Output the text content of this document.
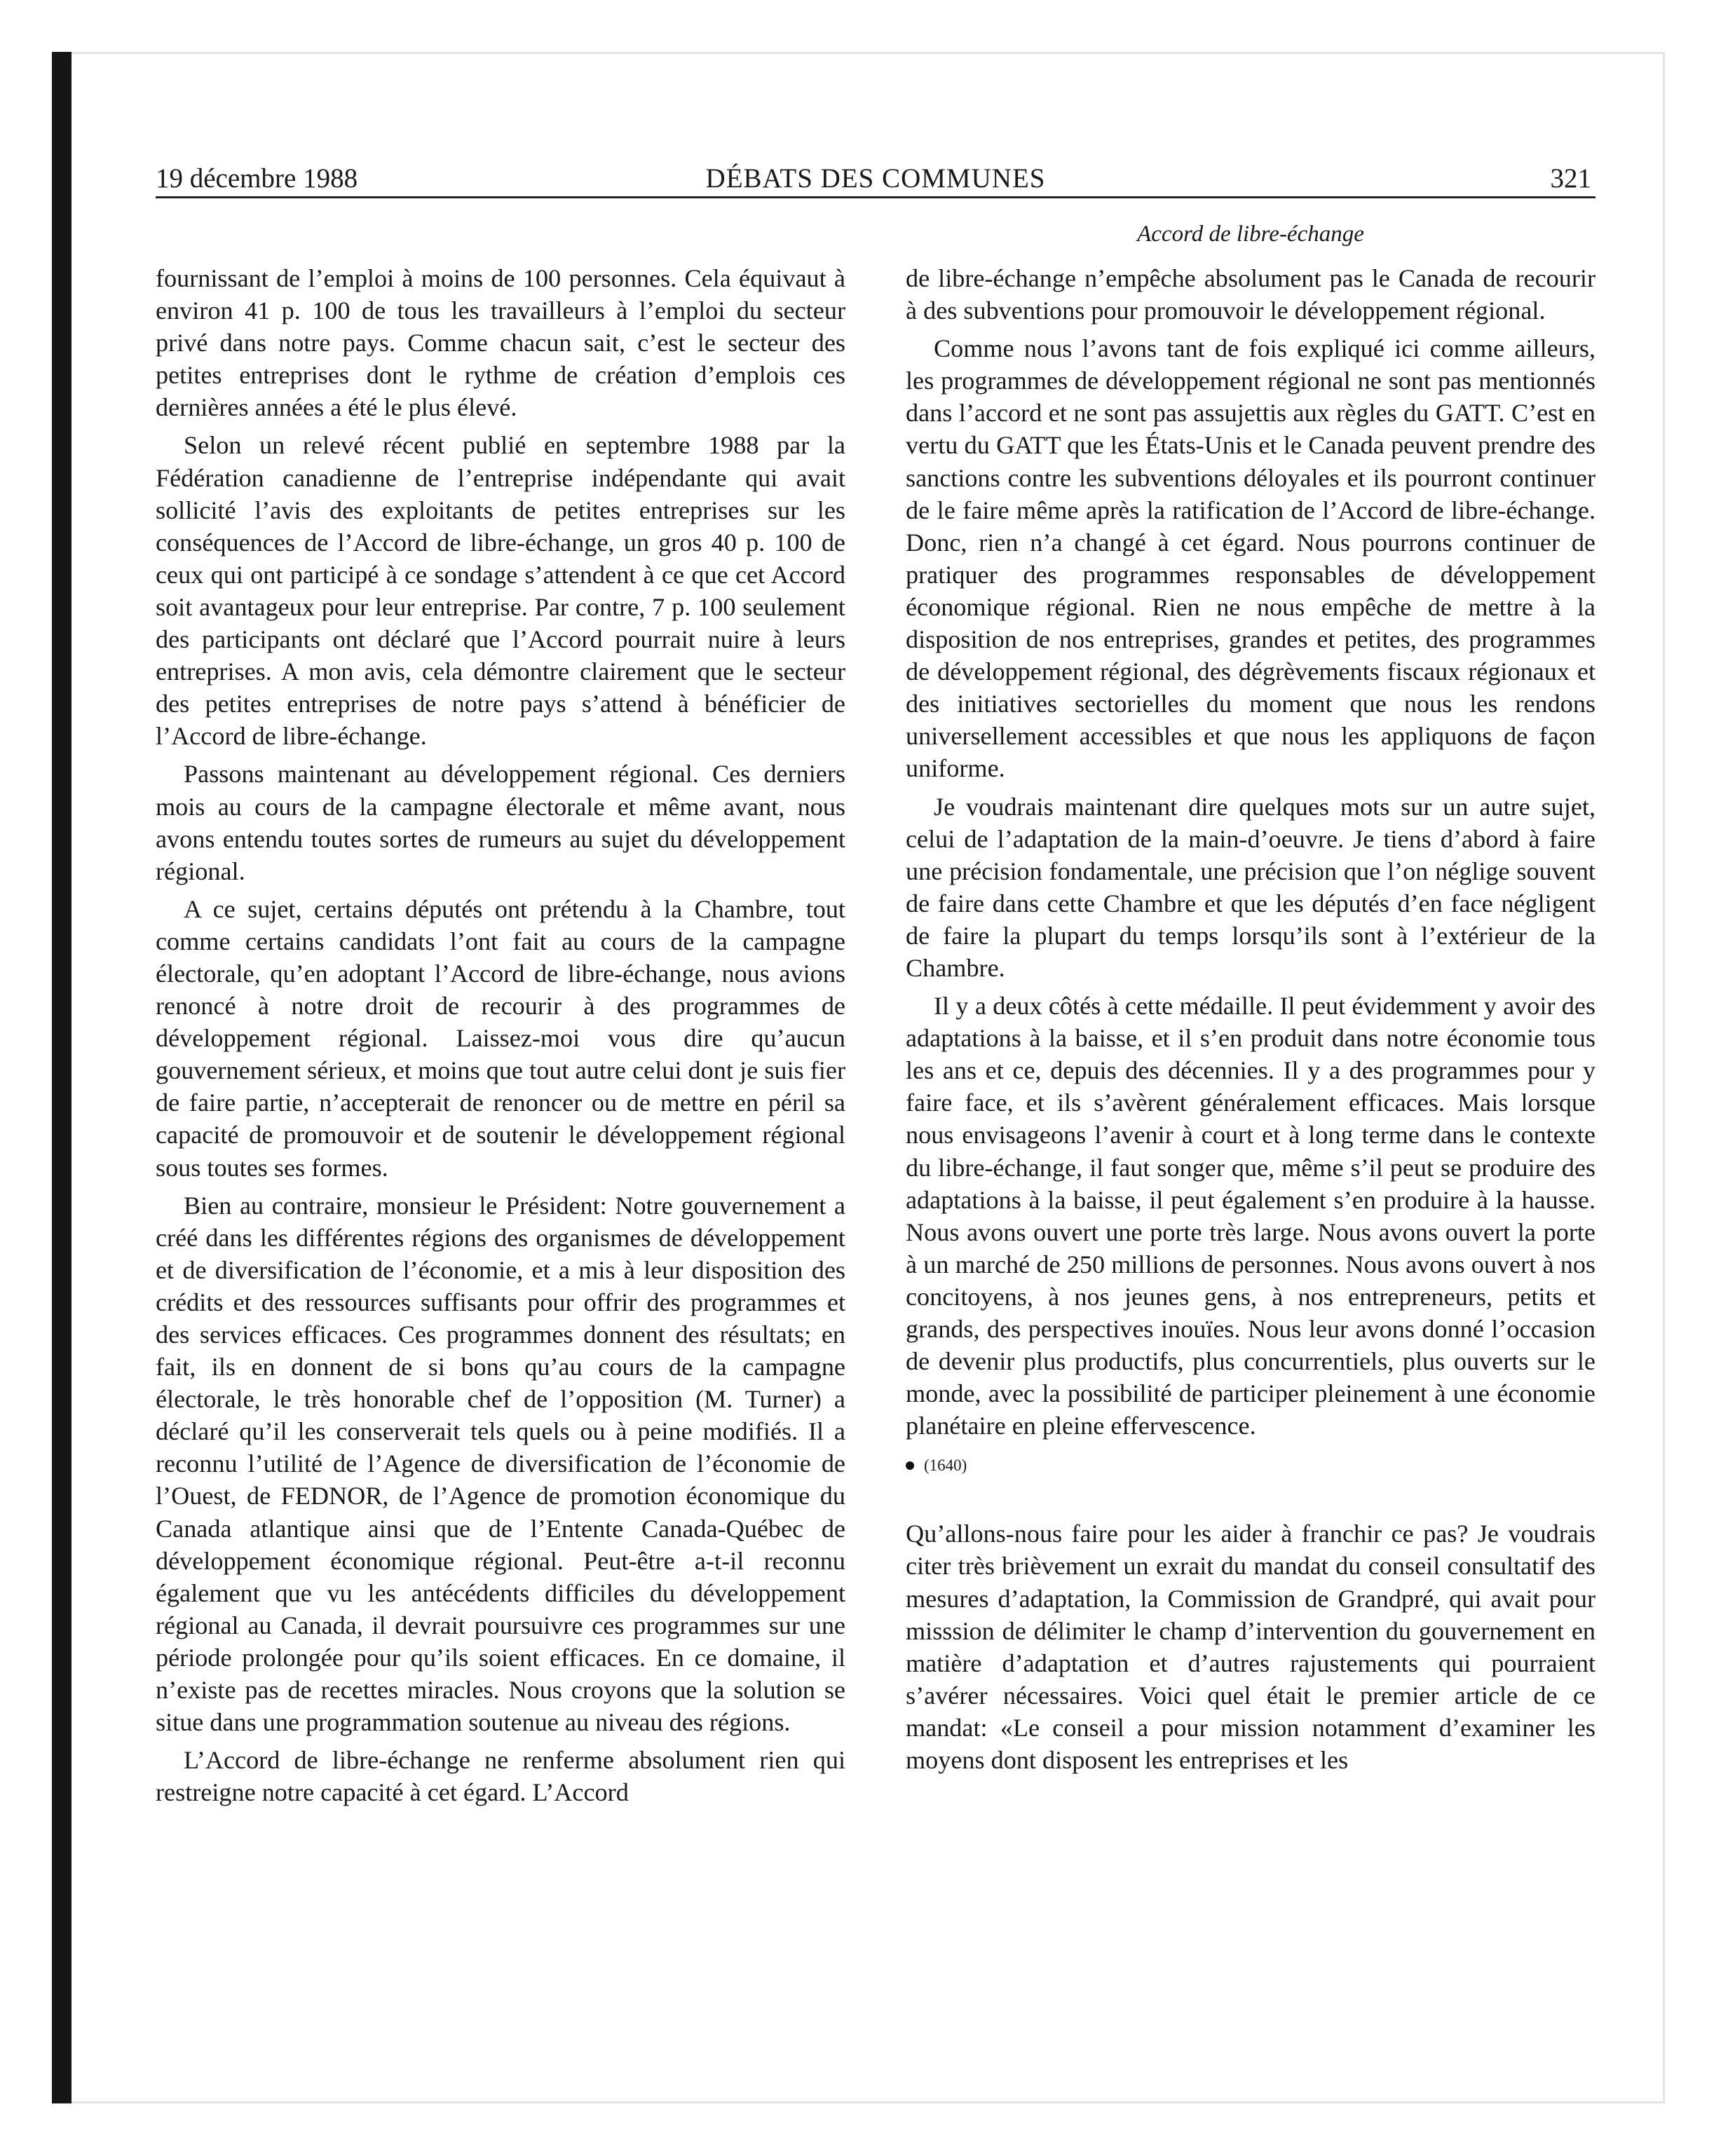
19 décembre 1988	DÉBATS DES COMMUNES	321
Accord de libre-échange

fournissant de l’emploi à moins de 100 personnes. Cela équivaut à environ 41 p. 100 de tous les travailleurs à l’emploi du secteur privé dans notre pays. Comme chacun sait, c’est le secteur des petites entreprises dont le rythme de création d’emplois ces dernières années a été le plus élevé.

Selon un relevé récent publié en septembre 1988 par la Fédération canadienne de l’entreprise indépendante qui avait sollicité l’avis des exploitants de petites entreprises sur les conséquences de l’Accord de libre-échange, un gros 40 p. 100 de ceux qui ont participé à ce sondage s’attendent à ce que cet Accord soit avantageux pour leur entreprise. Par contre, 7 p. 100 seulement des participants ont déclaré que l’Accord pourrait nuire à leurs entreprises. A mon avis, cela démontre clairement que le secteur des petites entreprises de notre pays s’attend à bénéficier de l’Accord de libre-échange.

Passons maintenant au développement régional. Ces derniers mois au cours de la campagne électorale et même avant, nous avons entendu toutes sortes de rumeurs au sujet du développement régional.

A ce sujet, certains députés ont prétendu à la Chambre, tout comme certains candidats l’ont fait au cours de la campagne électorale, qu’en adoptant l’Accord de libre-échange, nous avions renoncé à notre droit de recourir à des programmes de développement régional. Laissez-moi vous dire qu’aucun gouvernement sérieux, et moins que tout autre celui dont je suis fier de faire partie, n’accepterait de renoncer ou de mettre en péril sa capacité de promouvoir et de soutenir le développement régional sous toutes ses formes.

Bien au contraire, monsieur le Président: Notre gouvernement a créé dans les différentes régions des organismes de développement et de diversification de l’économie, et a mis à leur disposition des crédits et des ressources suffisants pour offrir des programmes et des services efficaces. Ces programmes donnent des résultats; en fait, ils en donnent de si bons qu’au cours de la campagne électorale, le très honorable chef de l’opposition (M. Turner) a déclaré qu’il les conserverait tels quels ou à peine modifiés. Il a reconnu l’utilité de l’Agence de diversification de l’économie de l’Ouest, de FEDNOR, de l’Agence de promotion économique du Canada atlantique ainsi que de l’Entente Canada-Québec de développement économique régional. Peut-être a-t-il reconnu également que vu les antécédents difficiles du développement régional au Canada, il devrait poursuivre ces programmes sur une période prolongée pour qu’ils soient efficaces. En ce domaine, il n’existe pas de recettes miracles. Nous croyons que la solution se situe dans une programmation soutenue au niveau des régions.

L’Accord de libre-échange ne renferme absolument rien qui restreigne notre capacité à cet égard. L’Accord

de libre-échange n’empêche absolument pas le Canada de recourir à des subventions pour promouvoir le développement régional.

Comme nous l’avons tant de fois expliqué ici comme ailleurs, les programmes de développement régional ne sont pas mentionnés dans l’accord et ne sont pas assujettis aux règles du GATT. C’est en vertu du GATT que les États-Unis et le Canada peuvent prendre des sanctions contre les subventions déloyales et ils pourront continuer de le faire même après la ratification de l’Accord de libre-échange. Donc, rien n’a changé à cet égard. Nous pourrons continuer de pratiquer des programmes responsables de développement économique régional. Rien ne nous empêche de mettre à la disposition de nos entreprises, grandes et petites, des programmes de développement régional, des dégrèvements fiscaux régionaux et des initiatives sectorielles du moment que nous les rendons universellement accessibles et que nous les appliquons de façon uniforme.

Je voudrais maintenant dire quelques mots sur un autre sujet, celui de l’adaptation de la main-d’oeuvre. Je tiens d’abord à faire une précision fondamentale, une précision que l’on néglige souvent de faire dans cette Chambre et que les députés d’en face négligent de faire la plupart du temps lorsqu’ils sont à l’extérieur de la Chambre.

Il y a deux côtés à cette médaille. Il peut évidemment y avoir des adaptations à la baisse, et il s’en produit dans notre économie tous les ans et ce, depuis des décennies. Il y a des programmes pour y faire face, et ils s’avèrent généralement efficaces. Mais lorsque nous envisageons l’avenir à court et à long terme dans le contexte du libre-échange, il faut songer que, même s’il peut se produire des adaptations à la baisse, il peut également s’en produire à la hausse. Nous avons ouvert une porte très large. Nous avons ouvert la porte à un marché de 250 millions de personnes. Nous avons ouvert à nos concitoyens, à nos jeunes gens, à nos entrepreneurs, petits et grands, des perspectives inouïes. Nous leur avons donné l’occasion de devenir plus productifs, plus concurrentiels, plus ouverts sur le monde, avec la possibilité de participer pleinement à une économie planétaire en pleine effervescence.

(1640)

Qu’allons-nous faire pour les aider à franchir ce pas? Je voudrais citer très brièvement un exrait du mandat du conseil consultatif des mesures d’adaptation, la Commission de Grandpré, qui avait pour misssion de délimiter le champ d’intervention du gouvernement en matière d’adaptation et d’autres rajustements qui pourraient s’avérer nécessaires. Voici quel était le premier article de ce mandat: «Le conseil a pour mission notamment d’examiner les moyens dont disposent les entreprises et les
